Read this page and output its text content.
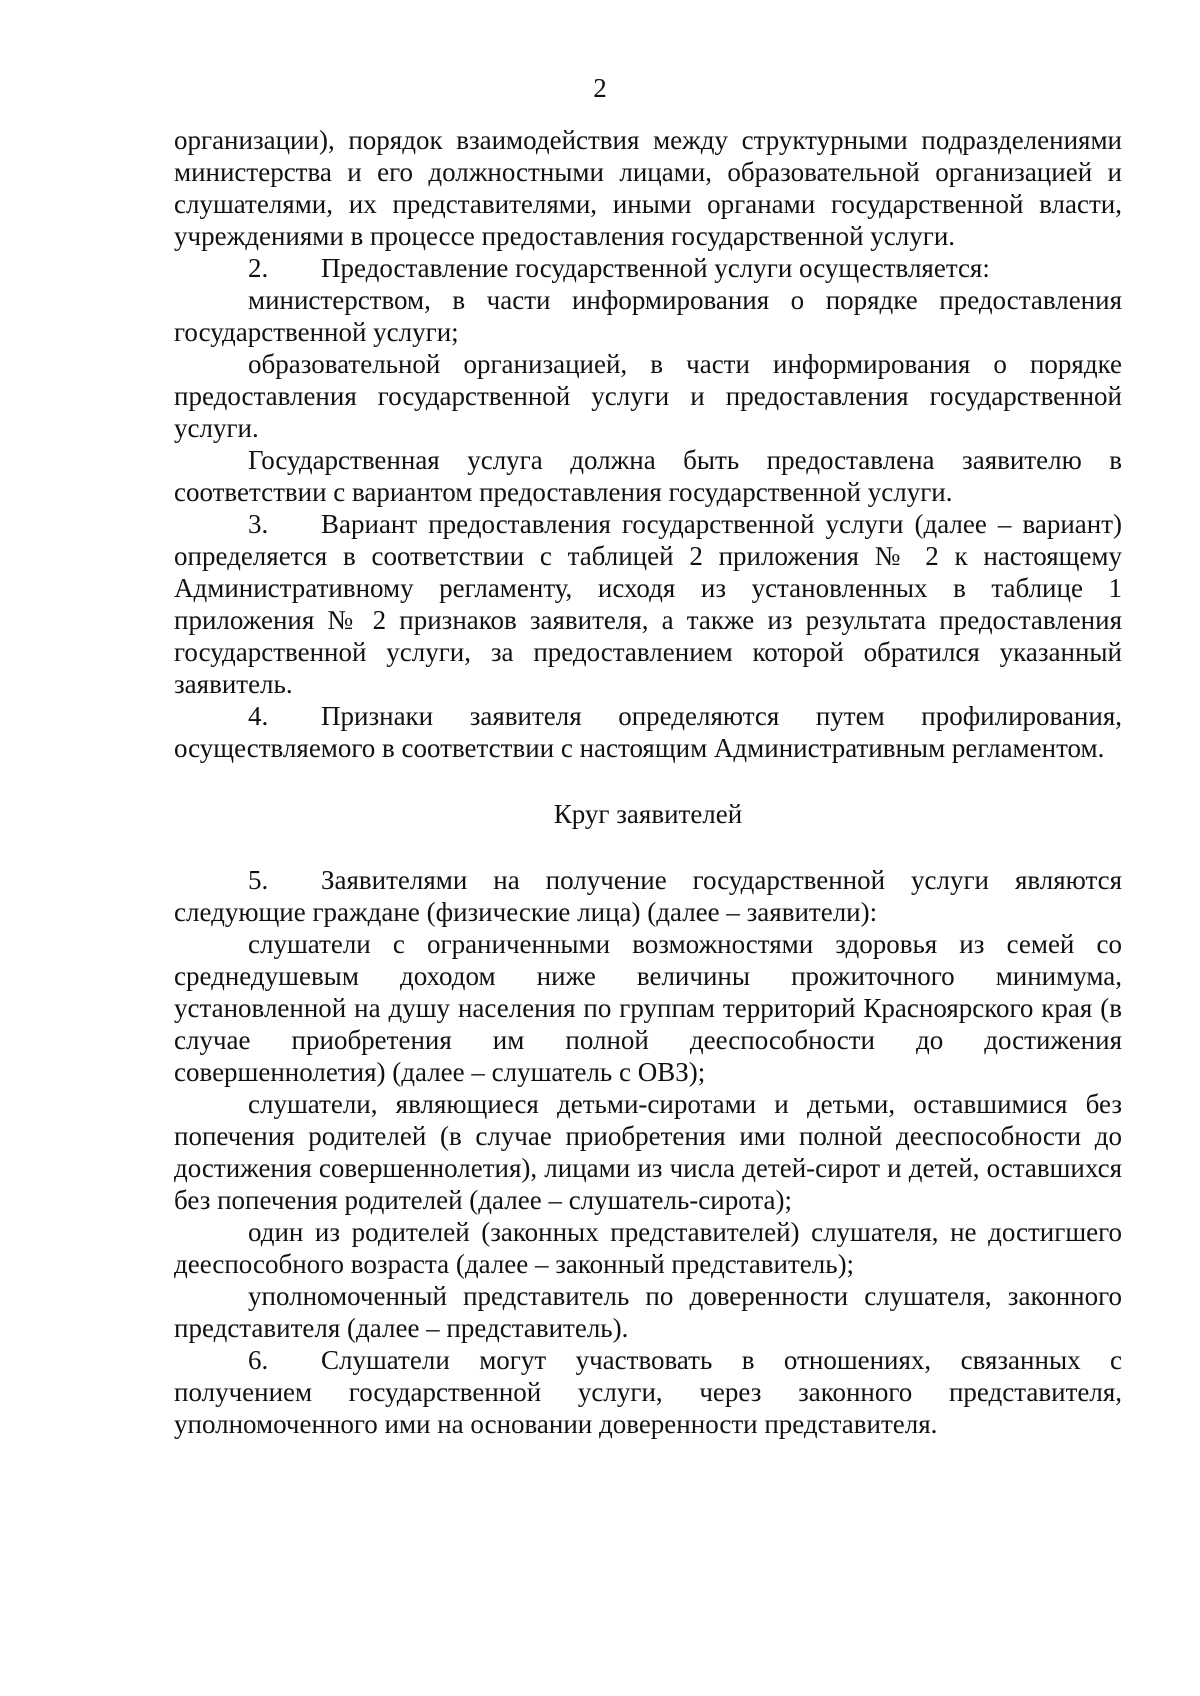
2

организации), порядок взаимодействия между структурными подразделениями министерства и его должностными лицами, образовательной организацией и слушателями, их представителями, иными органами государственной власти, учреждениями в процессе предоставления государственной услуги.

2. Предоставление государственной услуги осуществляется:

министерством, в части информирования о порядке предоставления государственной услуги;

образовательной организацией, в части информирования о порядке предоставления государственной услуги и предоставления государственной услуги.

Государственная услуга должна быть предоставлена заявителю в соответствии с вариантом предоставления государственной услуги.

3. Вариант предоставления государственной услуги (далее – вариант) определяется в соответствии с таблицей 2 приложения № 2 к настоящему Административному регламенту, исходя из установленных в таблице 1 приложения № 2 признаков заявителя, а также из результата предоставления государственной услуги, за предоставлением которой обратился указанный заявитель.

4. Признаки заявителя определяются путем профилирования, осуществляемого в соответствии с настоящим Административным регламентом.

Круг заявителей

5. Заявителями на получение государственной услуги являются следующие граждане (физические лица) (далее – заявители):

слушатели с ограниченными возможностями здоровья из семей со среднедушевым доходом ниже величины прожиточного минимума, установленной на душу населения по группам территорий Красноярского края (в случае приобретения им полной дееспособности до достижения совершеннолетия) (далее – слушатель с ОВЗ);

слушатели, являющиеся детьми-сиротами и детьми, оставшимися без попечения родителей (в случае приобретения ими полной дееспособности до достижения совершеннолетия), лицами из числа детей-сирот и детей, оставшихся без попечения родителей (далее – слушатель-сирота);

один из родителей (законных представителей) слушателя, не достигшего дееспособного возраста (далее – законный представитель);

уполномоченный представитель по доверенности слушателя, законного представителя (далее – представитель).

6. Слушатели могут участвовать в отношениях, связанных с получением государственной услуги, через законного представителя, уполномоченного ими на основании доверенности представителя.
